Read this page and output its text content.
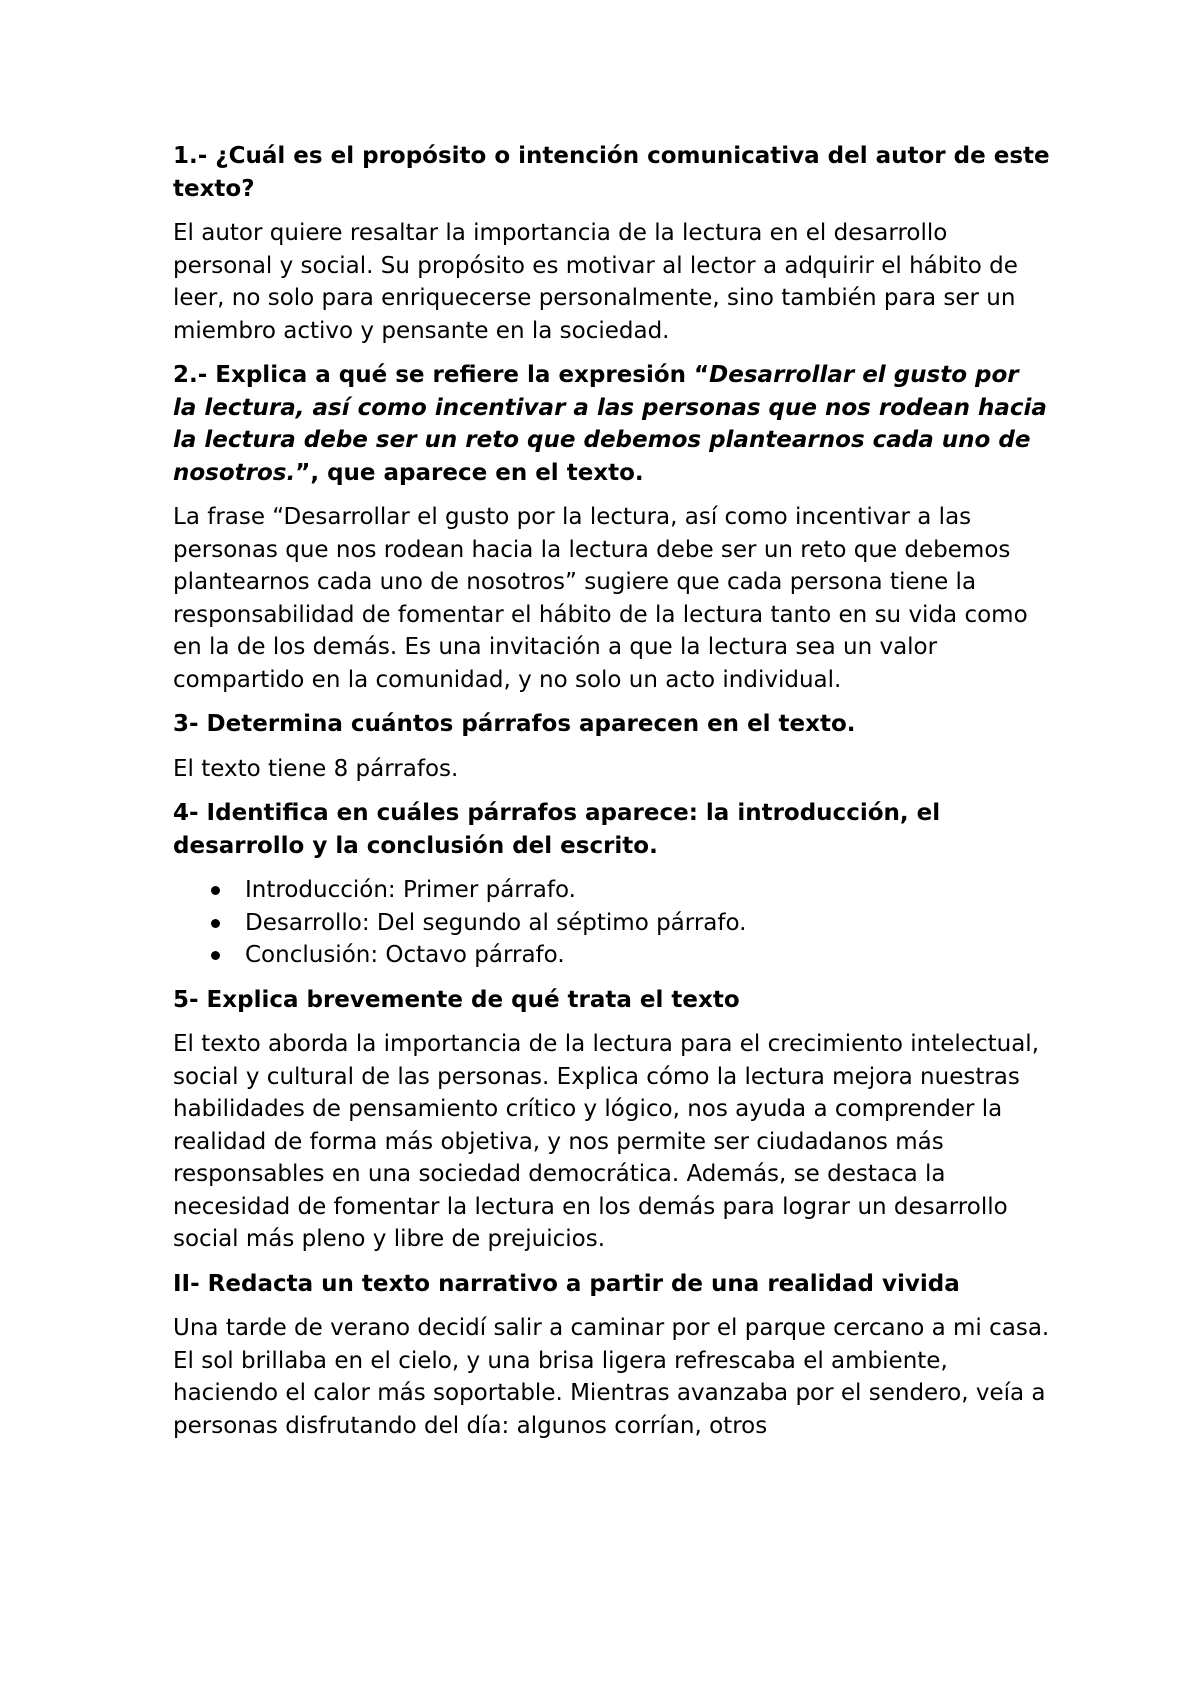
1.- ¿Cuál es el propósito o intención comunicativa del autor de este texto?

El autor quiere resaltar la importancia de la lectura en el desarrollo personal y social. Su propósito es motivar al lector a adquirir el hábito de leer, no solo para enriquecerse personalmente, sino también para ser un miembro activo y pensante en la sociedad.

2.- Explica a qué se refiere la expresión “Desarrollar el gusto por la lectura, así como incentivar a las personas que nos rodean hacia la lectura debe ser un reto que debemos plantearnos cada uno de nosotros.”, que aparece en el texto.

La frase “Desarrollar el gusto por la lectura, así como incentivar a las personas que nos rodean hacia la lectura debe ser un reto que debemos plantearnos cada uno de nosotros” sugiere que cada persona tiene la responsabilidad de fomentar el hábito de la lectura tanto en su vida como en la de los demás. Es una invitación a que la lectura sea un valor compartido en la comunidad, y no solo un acto individual.

3- Determina cuántos párrafos aparecen en el texto.

El texto tiene 8 párrafos.

4- Identifica en cuáles párrafos aparece: la introducción, el desarrollo y la conclusión del escrito.

Introducción: Primer párrafo.
Desarrollo: Del segundo al séptimo párrafo.
Conclusión: Octavo párrafo.

5- Explica brevemente de qué trata el texto

El texto aborda la importancia de la lectura para el crecimiento intelectual, social y cultural de las personas. Explica cómo la lectura mejora nuestras habilidades de pensamiento crítico y lógico, nos ayuda a comprender la realidad de forma más objetiva, y nos permite ser ciudadanos más responsables en una sociedad democrática. Además, se destaca la necesidad de fomentar la lectura en los demás para lograr un desarrollo social más pleno y libre de prejuicios.

II- Redacta un texto narrativo a partir de una realidad vivida

Una tarde de verano decidí salir a caminar por el parque cercano a mi casa. El sol brillaba en el cielo, y una brisa ligera refrescaba el ambiente, haciendo el calor más soportable. Mientras avanzaba por el sendero, veía a personas disfrutando del día: algunos corrían, otros
